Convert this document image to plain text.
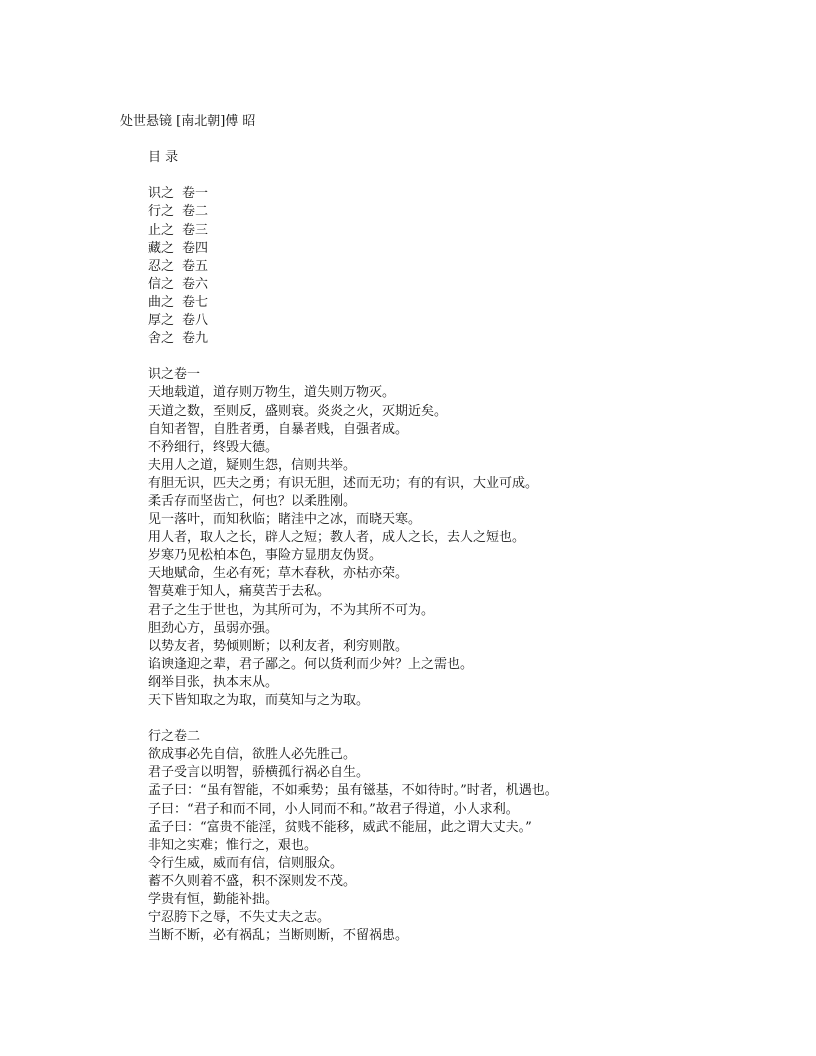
处世悬镜 [南北朝]傅 昭
目 录
识之 卷一
行之 卷二
止之 卷三
藏之 卷四
忍之 卷五
信之 卷六
曲之 卷七
厚之 卷八
舍之 卷九
识之卷一
天地载道，道存则万物生，道失则万物灭。
天道之数，至则反，盛则衰。炎炎之火，灭期近矣。
自知者智，自胜者勇，自暴者贱，自强者成。
不矜细行，终毁大德。
夫用人之道，疑则生怨，信则共举。
有胆无识，匹夫之勇；有识无胆，述而无功；有的有识，大业可成。
柔舌存而坚齿亡，何也？以柔胜刚。
见一落叶，而知秋临；睹洼中之冰，而晓天寒。
用人者，取人之长，辟人之短；教人者，成人之长，去人之短也。
岁寒乃见松柏本色，事险方显朋友伪贤。
天地赋命，生必有死；草木春秋，亦枯亦荣。
智莫难于知人，痛莫苦于去私。
君子之生于世也，为其所可为，不为其所不可为。
胆劲心方，虽弱亦强。
以势友者，势倾则断；以利友者，利穷则散。
谄谀逢迎之辈，君子鄙之。何以货利而少舛？上之需也。
纲举目张，执本末从。
天下皆知取之为取，而莫知与之为取。
行之卷二
欲成事必先自信，欲胜人必先胜己。
君子受言以明智，骄横孤行祸必自生。
孟子曰：“虽有智能，不如乘势；虽有镃基，不如待时。”时者，机遇也。
子曰：“君子和而不同，小人同而不和。”故君子得道，小人求利。
孟子曰：“富贵不能淫，贫贱不能移，威武不能屈，此之谓大丈夫。”
非知之实难；惟行之，艰也。
令行生威，威而有信，信则服众。
蓄不久则着不盛，积不深则发不茂。
学贵有恒，勤能补拙。
宁忍胯下之辱，不失丈夫之志。
当断不断，必有祸乱；当断则断，不留祸患。
